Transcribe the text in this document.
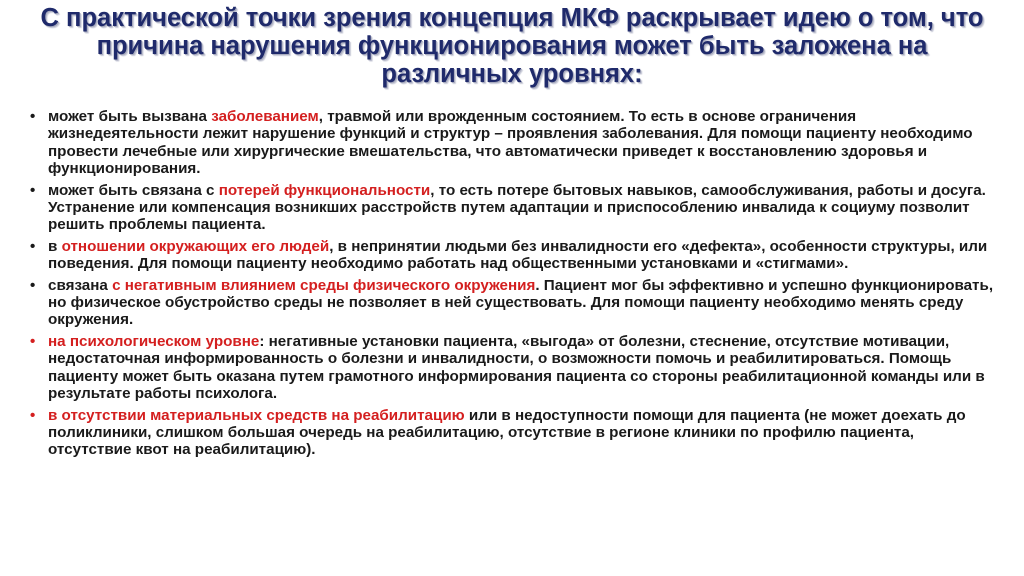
С практической точки зрения концепция МКФ раскрывает идею о том, что причина нарушения функционирования может быть заложена на различных уровнях:
• может быть вызвана заболеванием, травмой или врожденным состоянием. То есть в основе ограничения жизнедеятельности лежит нарушение функций и структур – проявления заболевания. Для помощи пациенту необходимо провести лечебные или хирургические вмешательства, что автоматически приведет к восстановлению здоровья и функционирования.
• может быть связана с потерей функциональности, то есть потере бытовых навыков, самообслуживания, работы и досуга. Устранение или компенсация возникших расстройств путем адаптации и приспособлению инвалида к социуму позволит решить проблемы пациента.
• в отношении окружающих его людей, в непринятии людьми без инвалидности его «дефекта», особенности структуры, или поведения. Для помощи пациенту необходимо работать над общественными установками и «стигмами».
• связана с негативным влиянием среды физического окружения. Пациент мог бы эффективно и успешно функционировать, но физическое обустройство среды не позволяет в ней существовать. Для помощи пациенту необходимо менять среду окружения.
• на психологическом уровне: негативные установки пациента, «выгода» от болезни, стеснение, отсутствие мотивации, недостаточная информированность о болезни и инвалидности, о возможности помочь и реабилитироваться. Помощь пациенту может быть оказана путем грамотного информирования пациента со стороны реабилитационной команды или в результате работы психолога.
• в отсутствии материальных средств на реабилитацию или в недоступности помощи для пациента (не может доехать до поликлиники, слишком большая очередь на реабилитацию, отсутствие в регионе клиники по профилю пациента, отсутствие квот на реабилитацию).
